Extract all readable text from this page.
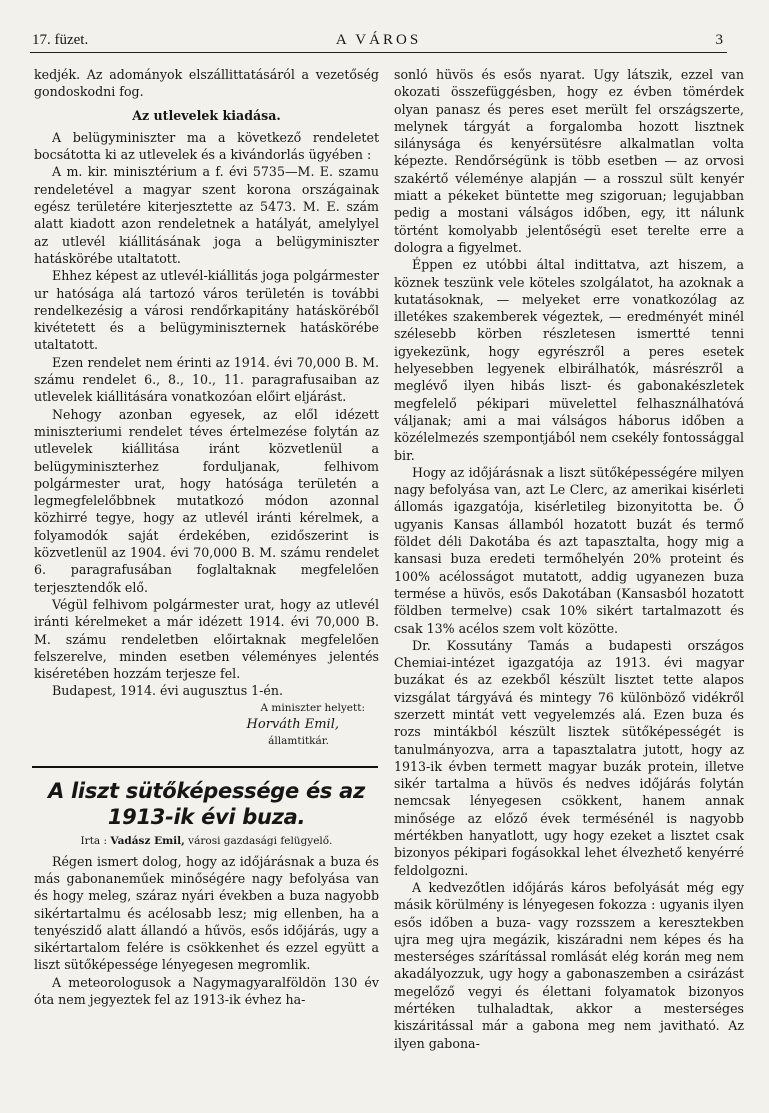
17. füzet.	A VÁROS	3

kedjék. Az adományok elszállittatásáról a vezetőség gondoskodni fog.

Az utlevelek kiadása.

A belügyminiszter ma a következő rendeletet bocsátotta ki az utlevelek és a kivándorlás ügyében :

A m. kir. minisztérium a f. évi 5735—M. E. szamu rendeletével a magyar szent korona országainak egész területére kiterjesztette az 5473. M. E. szám alatt kiadott azon rendeletnek a hatályát, amelylyel az utlevél kiállitásának joga a belügyminiszter hatáskörébe utaltatott.

Ehhez képest az utlevél-kiállitás joga polgármester ur hatósága alá tartozó város területén is további rendelkezésig a városi rendőrkapitány hatásköréből kivétetett és a belügyminiszternek hatáskörébe utaltatott.

Ezen rendelet nem érinti az 1914. évi 70,000 B. M. számu rendelet 6., 8., 10., 11. paragrafusaiban az utlevelek kiállitására vonatkozóan előirt eljárást.

Nehogy azonban egyesek, az elől idézett miniszteriumi rendelet téves értelmezése folytán az utlevelek kiállitása iránt közvetlenül a belügyminiszterhez forduljanak, felhivom polgármester urat, hogy hatósága területén a legmegfelelőbbnek mutatkozó módon azonnal közhirré tegye, hogy az utlevél iránti kérelmek, a folyamodók saját érdekében, ezidőszerint is közvetlenül az 1904. évi 70,000 B. M. számu rendelet 6. paragrafusában foglaltaknak megfelelően terjesztendők elő.

Végül felhivom polgármester urat, hogy az utlevél iránti kérelmeket a már idézett 1914. évi 70,000 B. M. számu rendeletben előirtaknak megfelelően felszerelve, minden esetben véleményes jelentés kiséretében hozzám terjesze fel.

Budapest, 1914. évi augusztus 1-én.

A miniszter helyett:
Horváth Emil,
államtitkár.
A liszt sütőképessége és az 1913-ik évi buza.
Irta : Vadász Emil, városi gazdasági felügyelő.

Régen ismert dolog, hogy az időjárásnak a buza és más gabonaneműek minőségére nagy befolyása van és hogy meleg, száraz nyári években a buza nagyobb sikértartalmu és acélosabb lesz; mig ellenben, ha a tenyészidő alatt állandó a hűvös, esős időjárás, ugy a sikértartalom felére is csökkenhet és ezzel együtt a liszt sütőképessége lényegesen megromlik.

A meteorologusok a Nagymagyaralföldön 130 év óta nem jegyeztek fel az 1913-ik évhez ha-

sonló hüvös és esős nyarat. Ugy látszik, ezzel van okozati összefüggésben, hogy ez évben tömérdek olyan panasz és peres eset merült fel országszerte, melynek tárgyát a forgalomba hozott lisztnek silánysága és kenyérsütésre alkalmatlan volta képezte. Rendőrségünk is több esetben — az orvosi szakértő véleménye alapján — a rosszul sült kenyér miatt a pékeket büntette meg szigoruan; legujabban pedig a mostani válságos időben, egy, itt nálunk történt komolyabb jelentőségü eset terelte erre a dologra a figyelmet.

Éppen ez utóbbi által indittatva, azt hiszem, a köznek teszünk vele köteles szolgálatot, ha azoknak a kutatásoknak, — melyeket erre vonatkozólag az illetékes szakemberek végeztek, — eredményét minél szélesebb körben részletesen ismertté tenni igyekezünk, hogy egyrészről a peres esetek helyesebben legyenek elbirálhatók, másrészről a meglévő ilyen hibás liszt- és gabonakészletek megfelelő pékipari müvelettel felhasználhatóvá váljanak; ami a mai válságos háborus időben a közélelmezés szempontjából nem csekély fontossággal bir.

Hogy az időjárásnak a liszt sütőképességére milyen nagy befolyása van, azt Le Clerc, az amerikai kisérleti állomás igazgatója, kisérletileg bizonyitotta be. Ő ugyanis Kansas államból hozatott buzát és termő földet déli Dakotába és azt tapasztalta, hogy mig a kansasi buza eredeti termőhelyén 20% proteint és 100% acélosságot mutatott, addig ugyanezen buza termése a hüvös, esős Dakotában (Kansasból hozatott földben termelve) csak 10% sikért tartalmazott és csak 13% acélos szem volt közötte.

Dr. Kossutány Tamás a budapesti országos Chemiai-intézet igazgatója az 1913. évi magyar buzákat és az ezekből készült lisztet tette alapos vizsgálat tárgyává és mintegy 76 különböző vidékről szerzett mintát vett vegyelemzés alá. Ezen buza és rozs mintákból készült lisztek sütőképességét is tanulmányozva, arra a tapasztalatra jutott, hogy az 1913-ik évben termett magyar buzák protein, illetve sikér tartalma a hüvös és nedves időjárás folytán nemcsak lényegesen csökkent, hanem annak minősége az előző évek termésénél is nagyobb mértékben hanyatlott, ugy hogy ezeket a lisztet csak bizonyos pékipari fogásokkal lehet élvezhető kenyérré feldolgozni.

A kedvezőtlen időjárás káros befolyását még egy másik körülmény is lényegesen fokozza : ugyanis ilyen esős időben a buza- vagy rozsszem a keresztekben ujra meg ujra megázik, kiszáradni nem képes és ha mesterséges szárítással romlását elég korán meg nem akadályozzuk, ugy hogy a gabonaszemben a csirázást megelőző vegyi és élettani folyamatok bizonyos mértéken tulhaladtak, akkor a mesterséges kiszáritással már a gabona meg nem javitható. Az ilyen gabona-
